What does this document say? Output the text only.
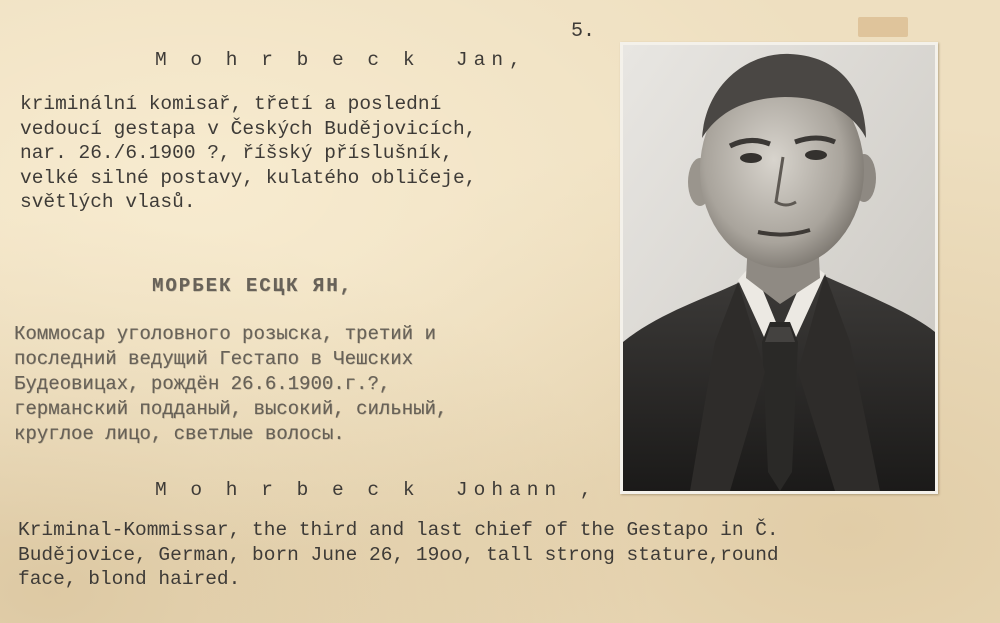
5.
M o h r b e c k  Jan,
kriminální komisař, třetí a poslední
vedoucí gestapa v Českých Budějovicích,
nar. 26./6.1900 ?, říšský příslušník,
velké silné postavy, kulatého obličeje,
světlých vlasů.
МОРБЕК ЕСЦК ЯН,
Коммосар уголовного розыска, третий и
последний ведущий Гестапо в Чешских
Будеовицах, рождён 26.6.1900.г.?,
германский подданый, высокий, сильный,
круглое лицо, светлые волосы.
M o h r b e c k  Johann ,
Kriminal-Kommissar, the third and last chief of the Gestapo in Č.
Budějovice, German, born June 26, 19oo, tall strong stature,round
face, blond haired.
